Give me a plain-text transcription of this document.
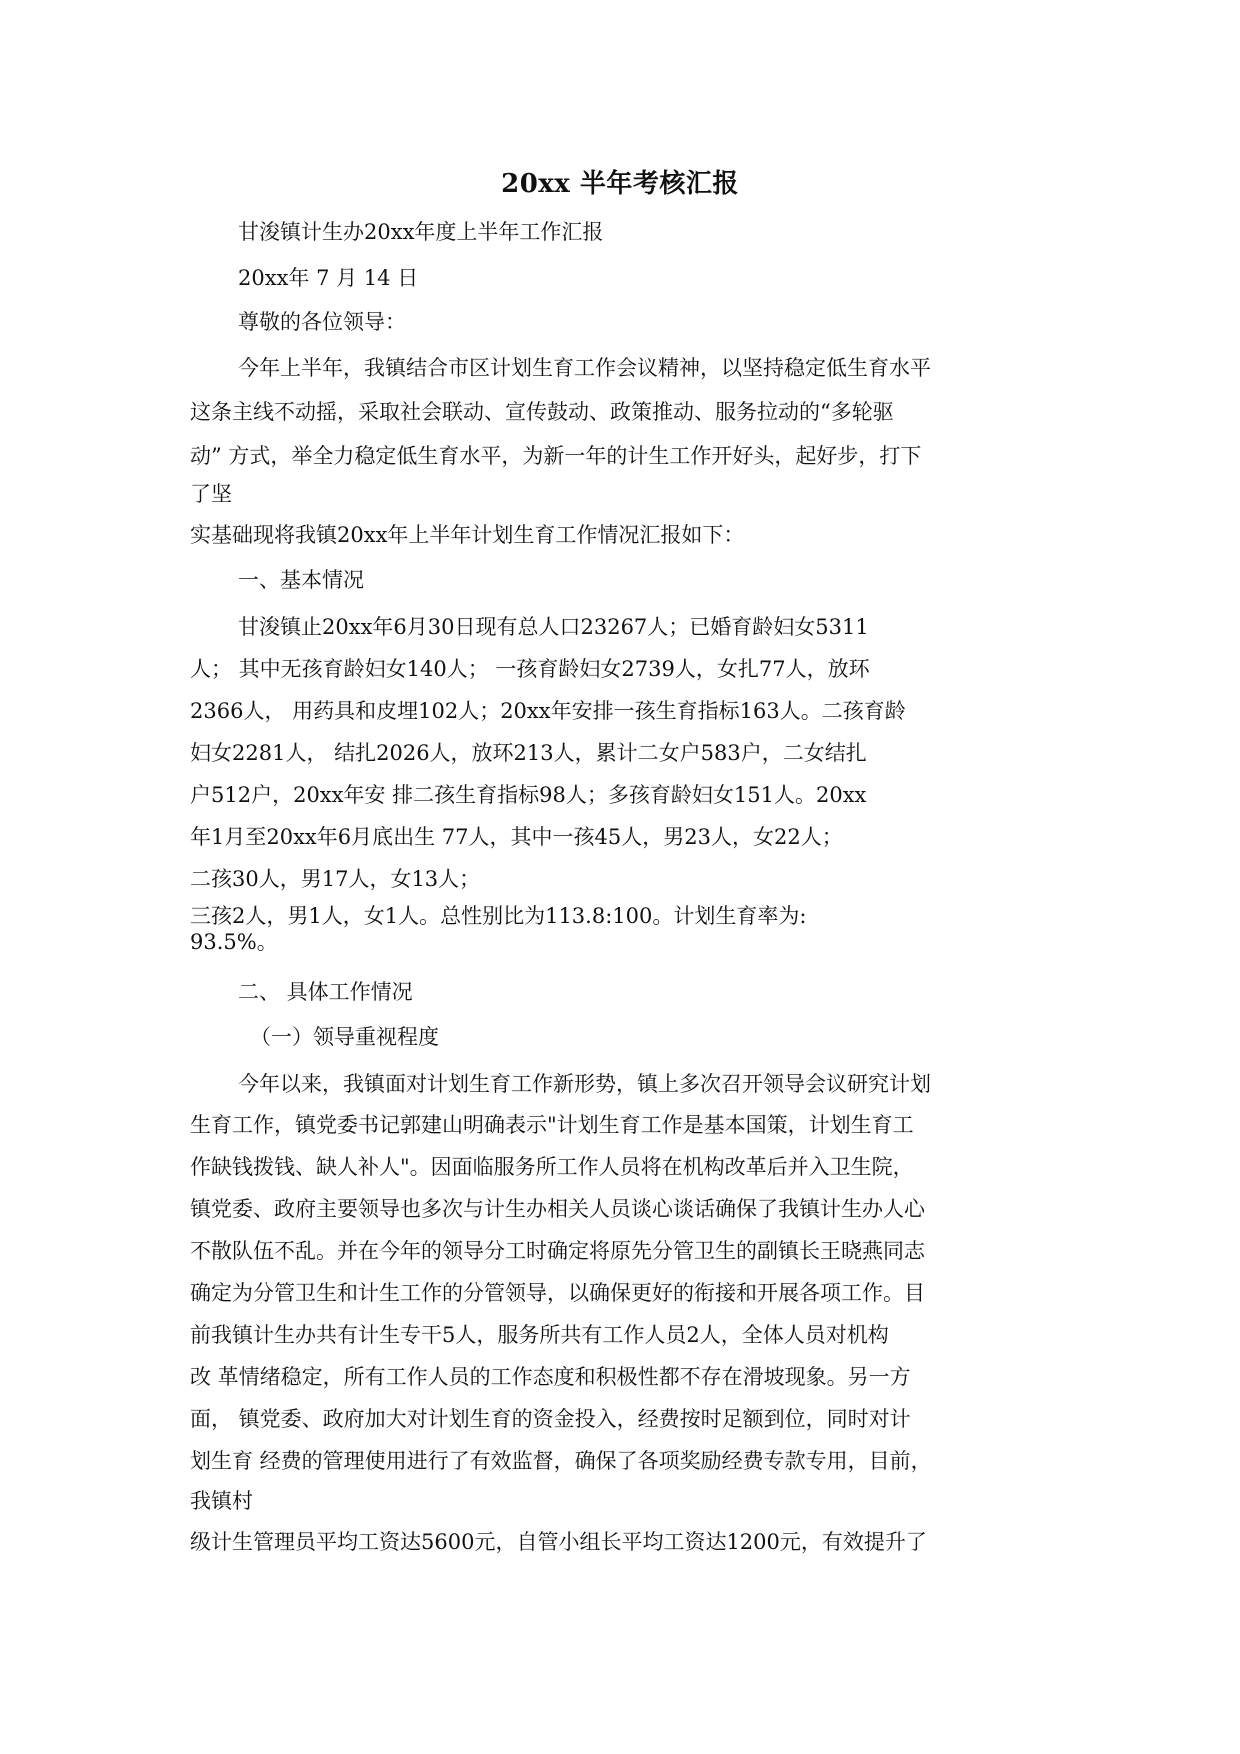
20xx 半年考核汇报
甘浚镇计生办20xx年度上半年工作汇报
20xx年 7 月 14 日
尊敬的各位领导：
今年上半年，我镇结合市区计划生育工作会议精神，以坚持稳定低生育水平
这条主线不动摇，采取社会联动、宣传鼓动、政策推动、服务拉动的“多轮驱
动” 方式，举全力稳定低生育水平，为新一年的计生工作开好头，起好步，打下
了坚
实基础现将我镇20xx年上半年计划生育工作情况汇报如下：
一、基本情况
甘浚镇止20xx年6月30日现有总人口23267人；已婚育龄妇女5311
人； 其中无孩育龄妇女140人； 一孩育龄妇女2739人，女扎77人，放环
2366人， 用药具和皮埋102人；20xx年安排一孩生育指标163人。二孩育龄
妇女2281人， 结扎2026人，放环213人，累计二女户583户，二女结扎
户512户，20xx年安 排二孩生育指标98人；多孩育龄妇女151人。20xx
年1月至20xx年6月底出生 77人，其中一孩45人，男23人，女22人；
二孩30人，男17人，女13人；
三孩2人，男1人，女1人。总性别比为113.8:100。计划生育率为:
93.5%。
二、 具体工作情况
（一）领导重视程度
今年以来，我镇面对计划生育工作新形势，镇上多次召开领导会议研究计划
生育工作，镇党委书记郭建山明确表示"计划生育工作是基本国策，计划生育工
作缺钱拨钱、缺人补人"。因面临服务所工作人员将在机构改革后并入卫生院，
镇党委、政府主要领导也多次与计生办相关人员谈心谈话确保了我镇计生办人心
不散队伍不乱。并在今年的领导分工时确定将原先分管卫生的副镇长王晓燕同志
确定为分管卫生和计生工作的分管领导，以确保更好的衔接和开展各项工作。目
前我镇计生办共有计生专干5人，服务所共有工作人员2人，全体人员对机构
改 革情绪稳定，所有工作人员的工作态度和积极性都不存在滑坡现象。另一方
面， 镇党委、政府加大对计划生育的资金投入，经费按时足额到位，同时对计
划生育 经费的管理使用进行了有效监督，确保了各项奖励经费专款专用，目前，
我镇村
级计生管理员平均工资达5600元，自管小组长平均工资达1200元，有效提升了
